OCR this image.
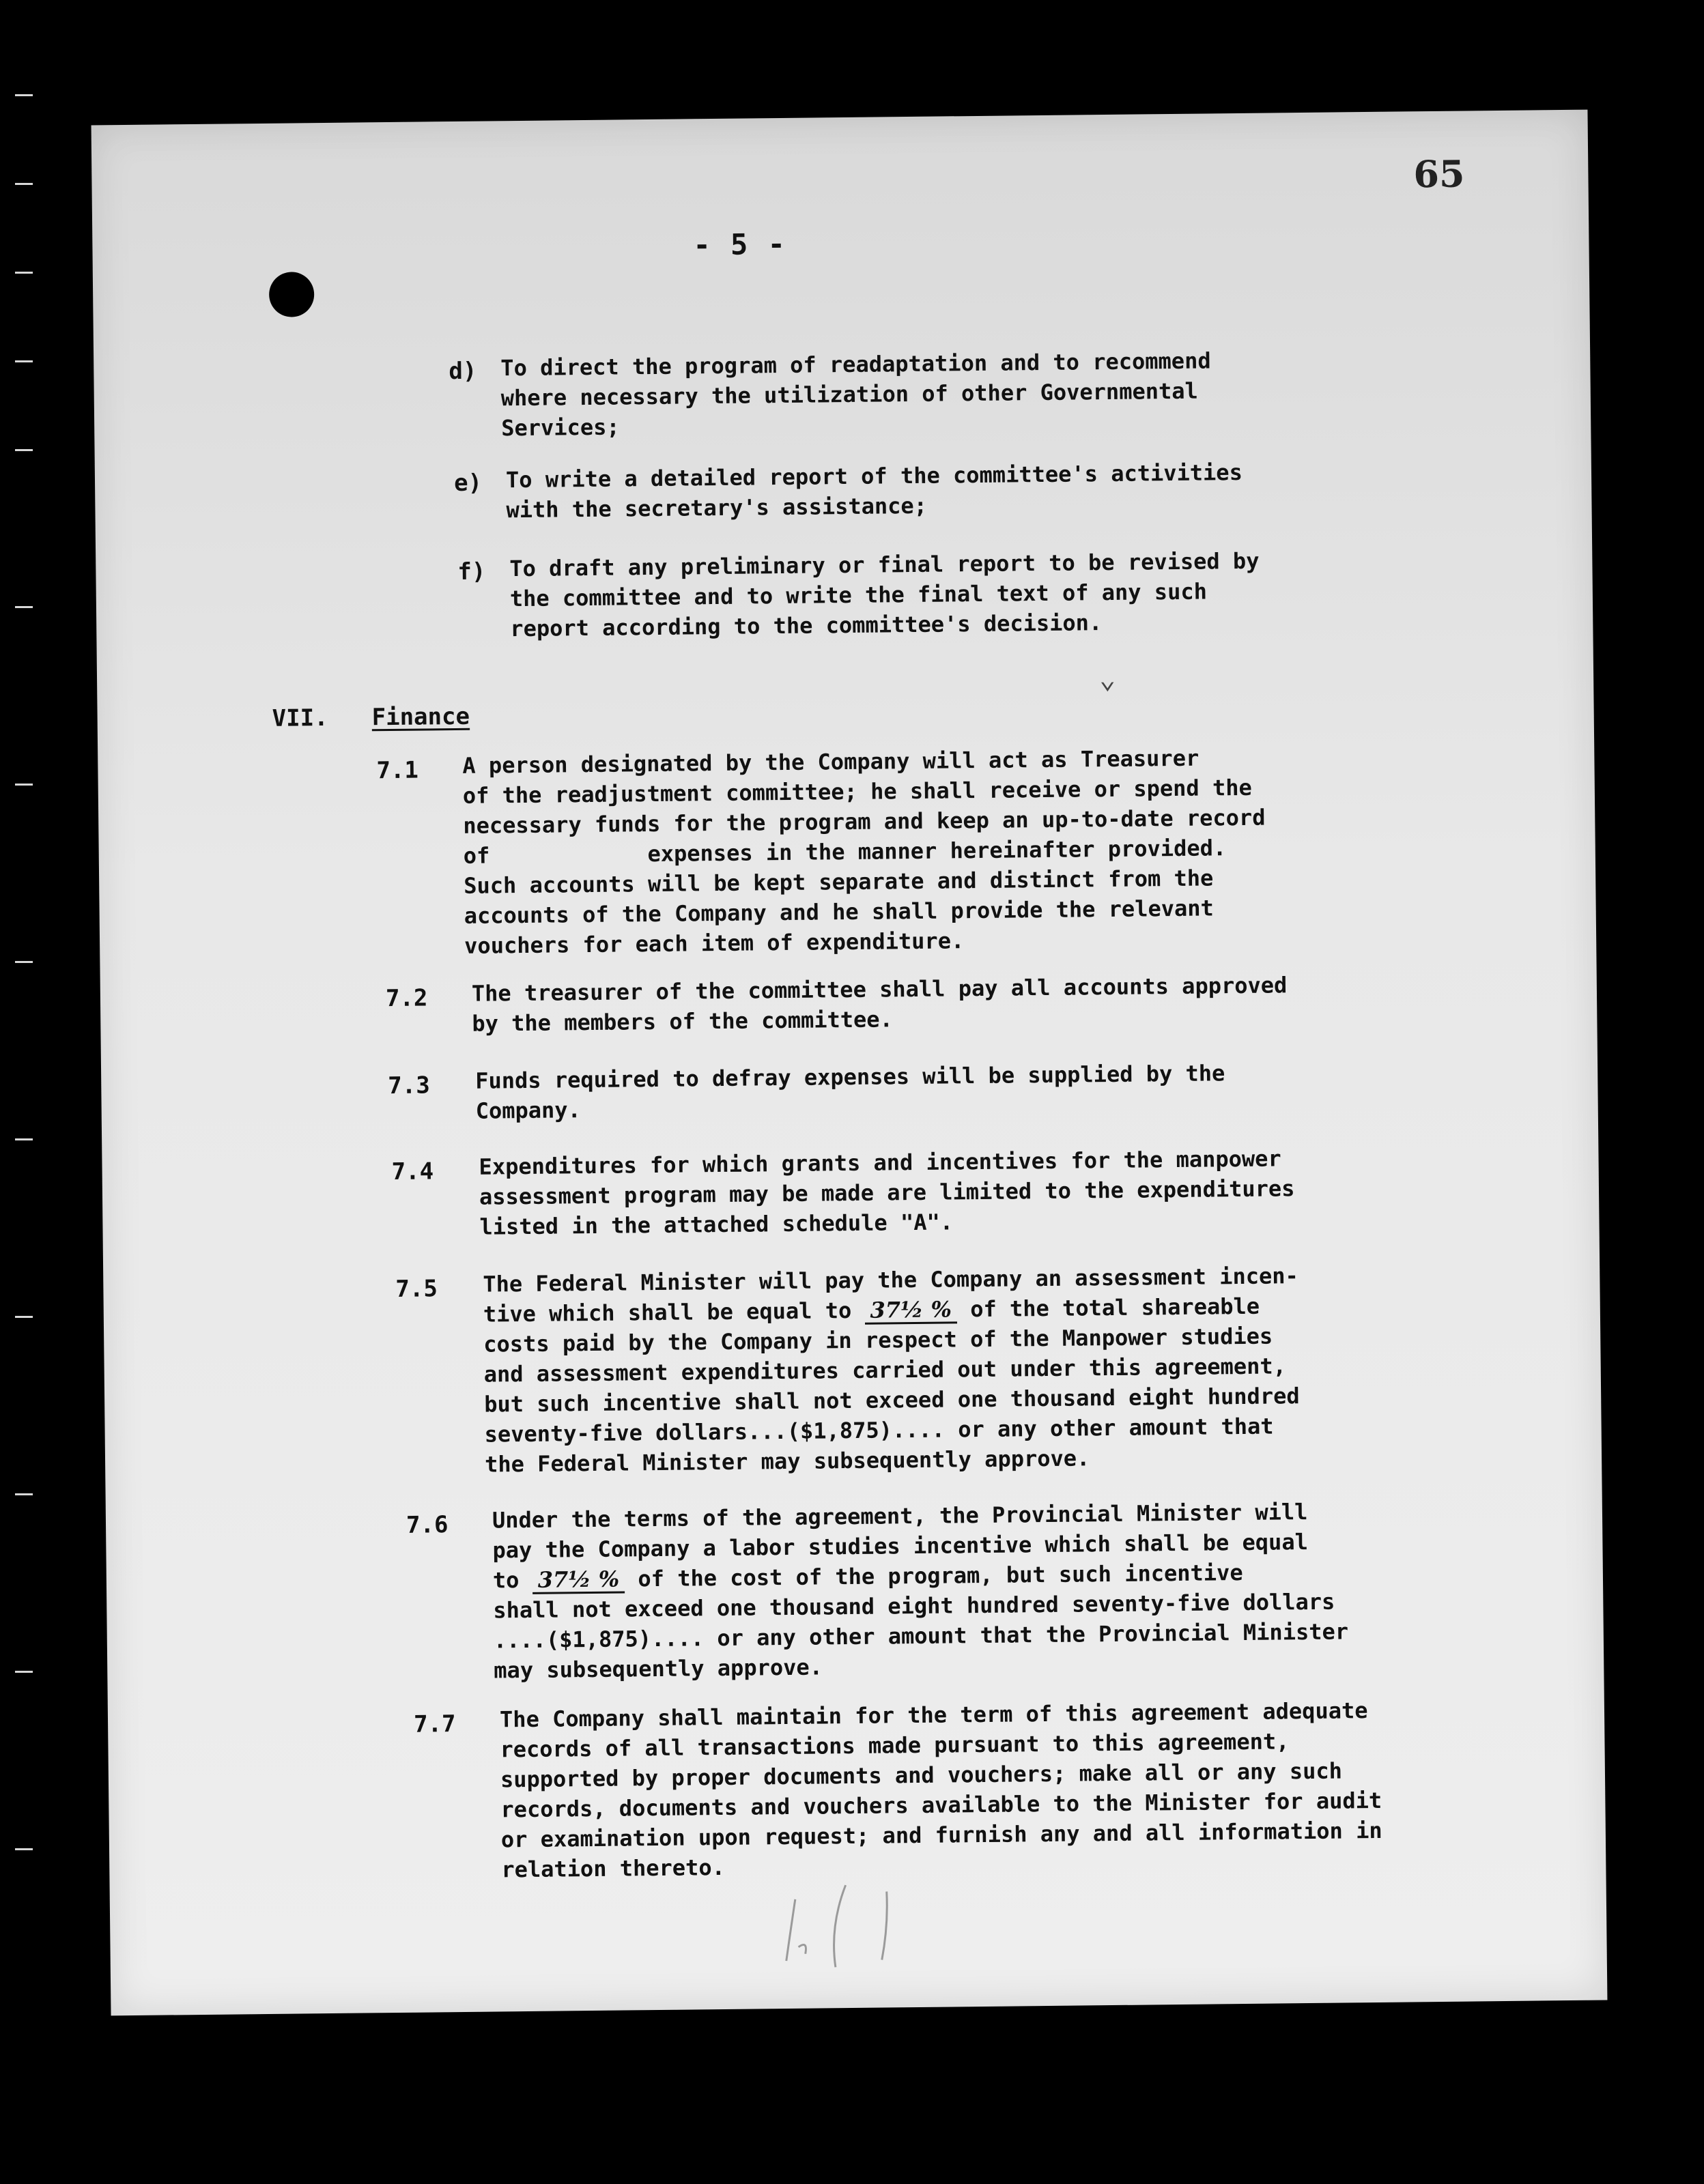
65
- 5 -
d) To direct the program of readaptation and to recommend
where necessary the utilization of other Governmental
Services;
e) To write a detailed report of the committee's activities
with the secretary's assistance;
f) To draft any preliminary or final report to be revised by
the committee and to write the final text of any such
report according to the committee's decision.
⌄
VII. Finance
7.1 A person designated by the Company will act as Treasurer
of the readjustment committee; he shall receive or spend the
necessary funds for the program and keep an up-to-date record
of            expenses in the manner hereinafter provided.
Such accounts will be kept separate and distinct from the
accounts of the Company and he shall provide the relevant
vouchers for each item of expenditure.
7.2 The treasurer of the committee shall pay all accounts approved
by the members of the committee.
7.3 Funds required to defray expenses will be supplied by the
Company.
7.4 Expenditures for which grants and incentives for the manpower
assessment program may be made are limited to the expenditures
listed in the attached schedule "A".
7.5 The Federal Minister will pay the Company an assessment incen-
tive which shall be equal to 37½ % of the total shareable
costs paid by the Company in respect of the Manpower studies
and assessment expenditures carried out under this agreement,
but such incentive shall not exceed one thousand eight hundred
seventy-five dollars...($1,875).... or any other amount that
the Federal Minister may subsequently approve.
7.6 Under the terms of the agreement, the Provincial Minister will
pay the Company a labor studies incentive which shall be equal
to 37½ % of the cost of the program, but such incentive
shall not exceed one thousand eight hundred seventy-five dollars
....($1,875).... or any other amount that the Provincial Minister
may subsequently approve.
7.7 The Company shall maintain for the term of this agreement adequate
records of all transactions made pursuant to this agreement,
supported by proper documents and vouchers; make all or any such
records, documents and vouchers available to the Minister for audit
or examination upon request; and furnish any and all information in
relation thereto.
